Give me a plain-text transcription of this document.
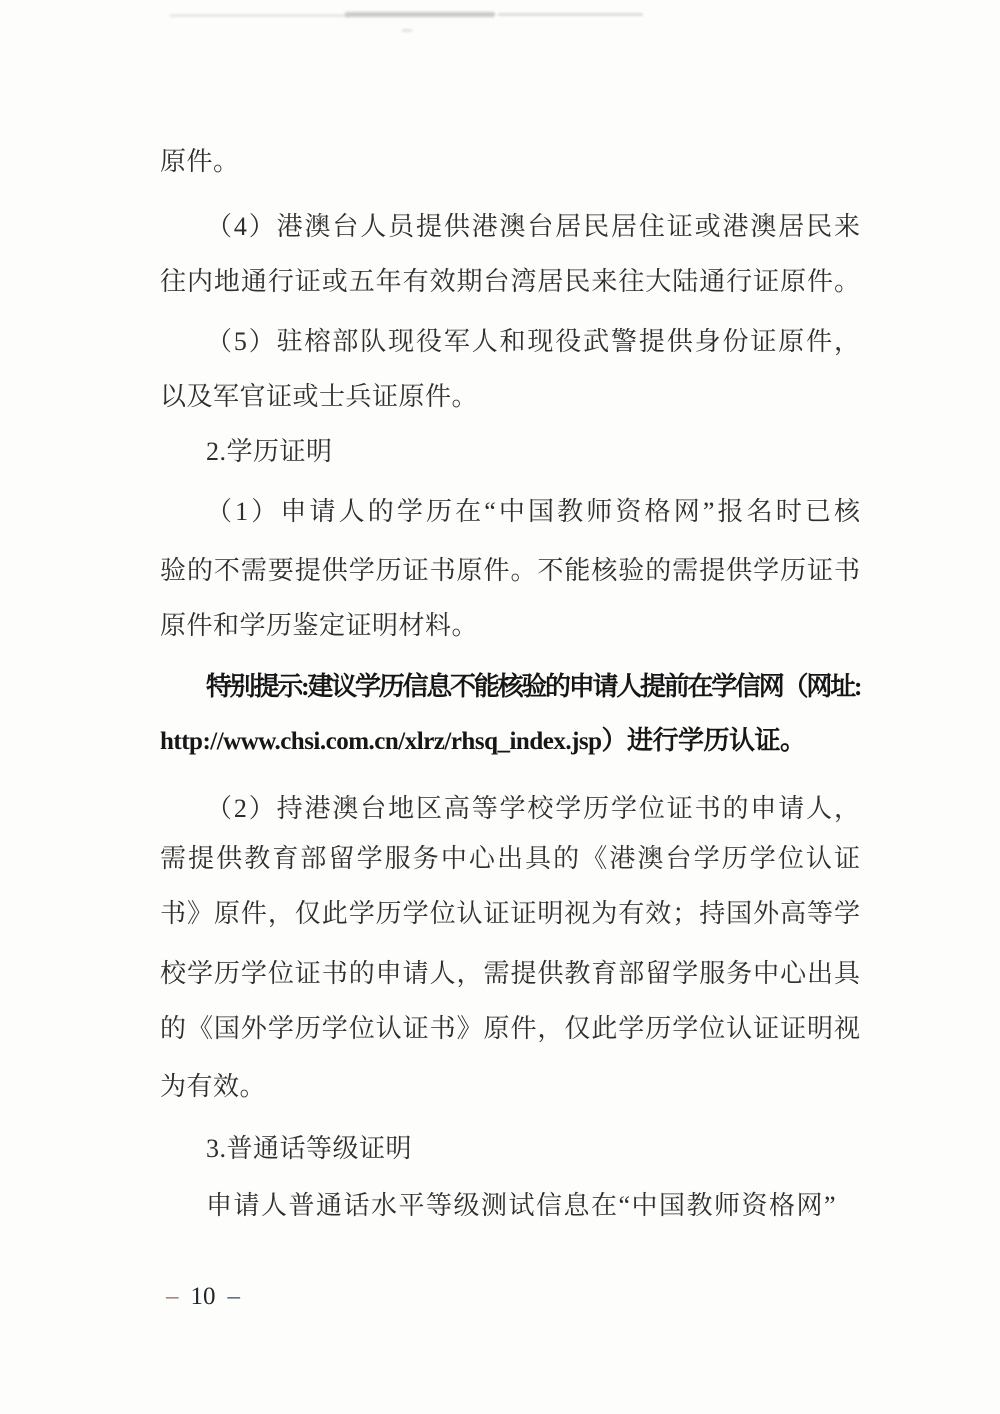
原件。
（4）港澳台人员提供港澳台居民居住证或港澳居民来
往内地通行证或五年有效期台湾居民来往大陆通行证原件。
（5）驻榕部队现役军人和现役武警提供身份证原件，
以及军官证或士兵证原件。
2.学历证明
（1）申请人的学历在“中国教师资格网”报名时已核
验的不需要提供学历证书原件。不能核验的需提供学历证书
原件和学历鉴定证明材料。
特别提示:建议学历信息不能核验的申请人提前在学信网（网址:
http://www.chsi.com.cn/xlrz/rhsq_index.jsp）进行学历认证。
（2）持港澳台地区高等学校学历学位证书的申请人，
需提供教育部留学服务中心出具的《港澳台学历学位认证
书》原件，仅此学历学位认证证明视为有效；持国外高等学
校学历学位证书的申请人，需提供教育部留学服务中心出具
的《国外学历学位认证书》原件，仅此学历学位认证证明视
为有效。
3.普通话等级证明
申请人普通话水平等级测试信息在“中国教师资格网”
– 10 –
